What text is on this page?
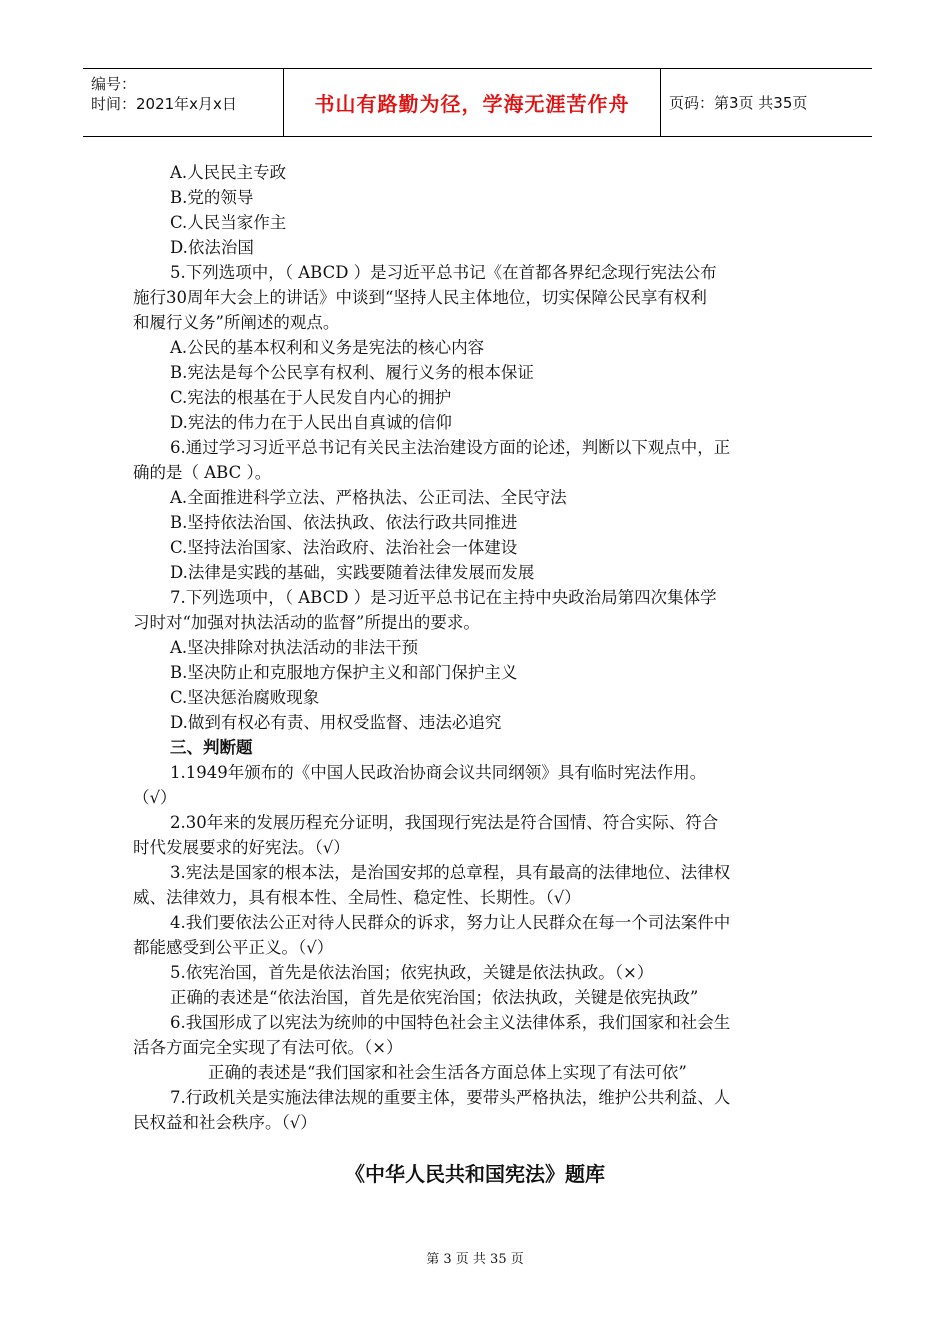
编号：
时间：2021年x月x日	书山有路勤为径，学海无涯苦作舟	页码：第3页 共35页
A.人民民主专政
B.党的领导
C.人民当家作主
D.依法治国
5.下列选项中，（ ABCD ）是习近平总书记《在首都各界纪念现行宪法公布
施行30周年大会上的讲话》中谈到“坚持人民主体地位，切实保障公民享有权利
和履行义务”所阐述的观点。
A.公民的基本权利和义务是宪法的核心内容
B.宪法是每个公民享有权利、履行义务的根本保证
C.宪法的根基在于人民发自内心的拥护
D.宪法的伟力在于人民出自真诚的信仰
6.通过学习习近平总书记有关民主法治建设方面的论述，判断以下观点中，正
确的是（ ABC ）。
A.全面推进科学立法、严格执法、公正司法、全民守法
B.坚持依法治国、依法执政、依法行政共同推进
C.坚持法治国家、法治政府、法治社会一体建设
D.法律是实践的基础，实践要随着法律发展而发展
7.下列选项中，（ ABCD ）是习近平总书记在主持中央政治局第四次集体学
习时对“加强对执法活动的监督”所提出的要求。
A.坚决排除对执法活动的非法干预
B.坚决防止和克服地方保护主义和部门保护主义
C.坚决惩治腐败现象
D.做到有权必有责、用权受监督、违法必追究
三、判断题
1.1949年颁布的《中国人民政治协商会议共同纲领》具有临时宪法作用。
（√）
2.30年来的发展历程充分证明，我国现行宪法是符合国情、符合实际、符合
时代发展要求的好宪法。（√）
3.宪法是国家的根本法，是治国安邦的总章程，具有最高的法律地位、法律权
威、法律效力，具有根本性、全局性、稳定性、长期性。（√）
4.我们要依法公正对待人民群众的诉求，努力让人民群众在每一个司法案件中
都能感受到公平正义。（√）
5.依宪治国，首先是依法治国；依宪执政，关键是依法执政。（×）
正确的表述是“依法治国，首先是依宪治国；依法执政，关键是依宪执政”
6.我国形成了以宪法为统帅的中国特色社会主义法律体系，我们国家和社会生
活各方面完全实现了有法可依。（×）
正确的表述是“我们国家和社会生活各方面总体上实现了有法可依”
7.行政机关是实施法律法规的重要主体，要带头严格执法，维护公共利益、人
民权益和社会秩序。（√）
《中华人民共和国宪法》题库
第 3 页 共 35 页
